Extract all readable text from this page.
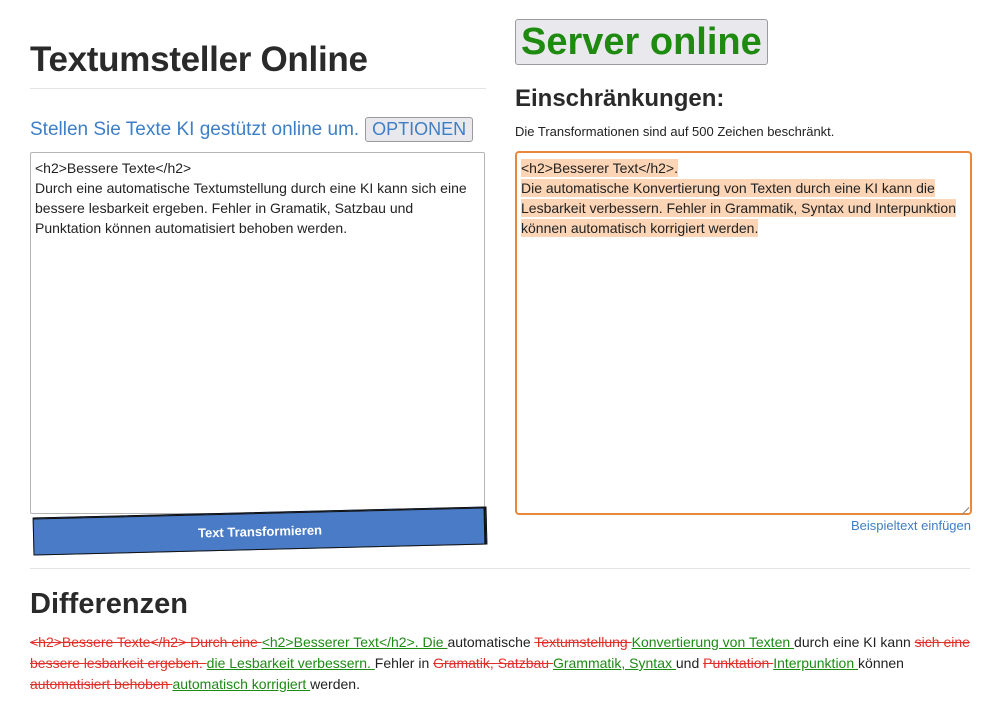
Textumsteller Online
Stellen Sie Texte KI gestützt online um. OPTIONEN
<h2>Bessere Texte</h2> Durch eine automatische Textumstellung durch eine KI kann sich eine bessere lesbarkeit ergeben. Fehler in Gramatik, Satzbau und Punktation können automatisiert behoben werden.
Text Transformieren
Server online
Einschränkungen:
Die Transformationen sind auf 500 Zeichen beschränkt.
<h2>Besserer Text</h2>.
Die automatische Konvertierung von Texten durch eine KI kann die
Lesbarkeit verbessern. Fehler in Grammatik, Syntax und Interpunktion
können automatisch korrigiert werden.
Beispieltext einfügen
Differenzen
<h2>Bessere Texte</h2> Durch eine <h2>Besserer Text</h2>. Die automatische Textumstellung Konvertierung von Texten durch eine KI kann sich eine bessere lesbarkeit ergeben. die Lesbarkeit verbessern. Fehler in Gramatik, Satzbau Grammatik, Syntax und Punktation Interpunktion können automatisiert behoben automatisch korrigiert werden.
